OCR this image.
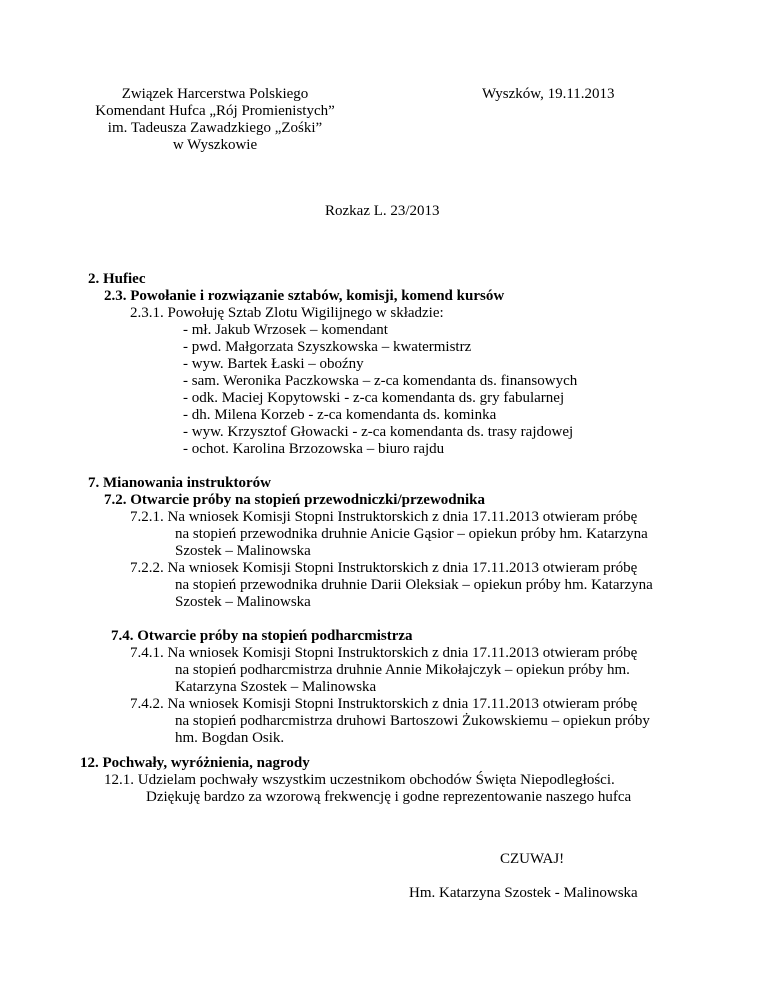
Związek Harcerstwa Polskiego
Komendant Hufca „Rój Promienistych”
im. Tadeusza Zawadzkiego „Zośki”
w Wyszkowie
Wyszków, 19.11.2013
Rozkaz L. 23/2013
2. Hufiec
2.3. Powołanie i rozwiązanie sztabów, komisji, komend kursów
2.3.1. Powołuję Sztab Zlotu Wigilijnego w składzie:
- mł. Jakub Wrzosek – komendant
- pwd. Małgorzata Szyszkowska – kwatermistrz
- wyw. Bartek Łaski – oboźny
- sam. Weronika Paczkowska – z-ca komendanta ds. finansowych
- odk. Maciej Kopytowski - z-ca komendanta ds. gry fabularnej
- dh. Milena Korzeb - z-ca komendanta ds. kominka
- wyw. Krzysztof Głowacki - z-ca komendanta ds. trasy rajdowej
- ochot. Karolina Brzozowska – biuro rajdu
7. Mianowania instruktorów
7.2. Otwarcie próby na stopień przewodniczki/przewodnika
7.2.1. Na wniosek Komisji Stopni Instruktorskich z dnia 17.11.2013 otwieram próbę
na stopień przewodnika druhnie Anicie Gąsior – opiekun próby hm. Katarzyna
Szostek – Malinowska
7.2.2. Na wniosek Komisji Stopni Instruktorskich z dnia 17.11.2013 otwieram próbę
na stopień przewodnika druhnie Darii Oleksiak – opiekun próby hm. Katarzyna
Szostek – Malinowska
7.4. Otwarcie próby na stopień podharcmistrza
7.4.1. Na wniosek Komisji Stopni Instruktorskich z dnia 17.11.2013 otwieram próbę
na stopień podharcmistrza druhnie Annie Mikołajczyk – opiekun próby hm.
Katarzyna Szostek – Malinowska
7.4.2. Na wniosek Komisji Stopni Instruktorskich z dnia 17.11.2013 otwieram próbę
na stopień podharcmistrza druhowi Bartoszowi Żukowskiemu – opiekun próby
hm. Bogdan Osik.
12. Pochwały, wyróżnienia, nagrody
12.1. Udzielam pochwały wszystkim uczestnikom obchodów Święta Niepodległości.
Dziękuję bardzo za wzorową frekwencję i godne reprezentowanie naszego hufca
CZUWAJ!
Hm. Katarzyna Szostek - Malinowska
